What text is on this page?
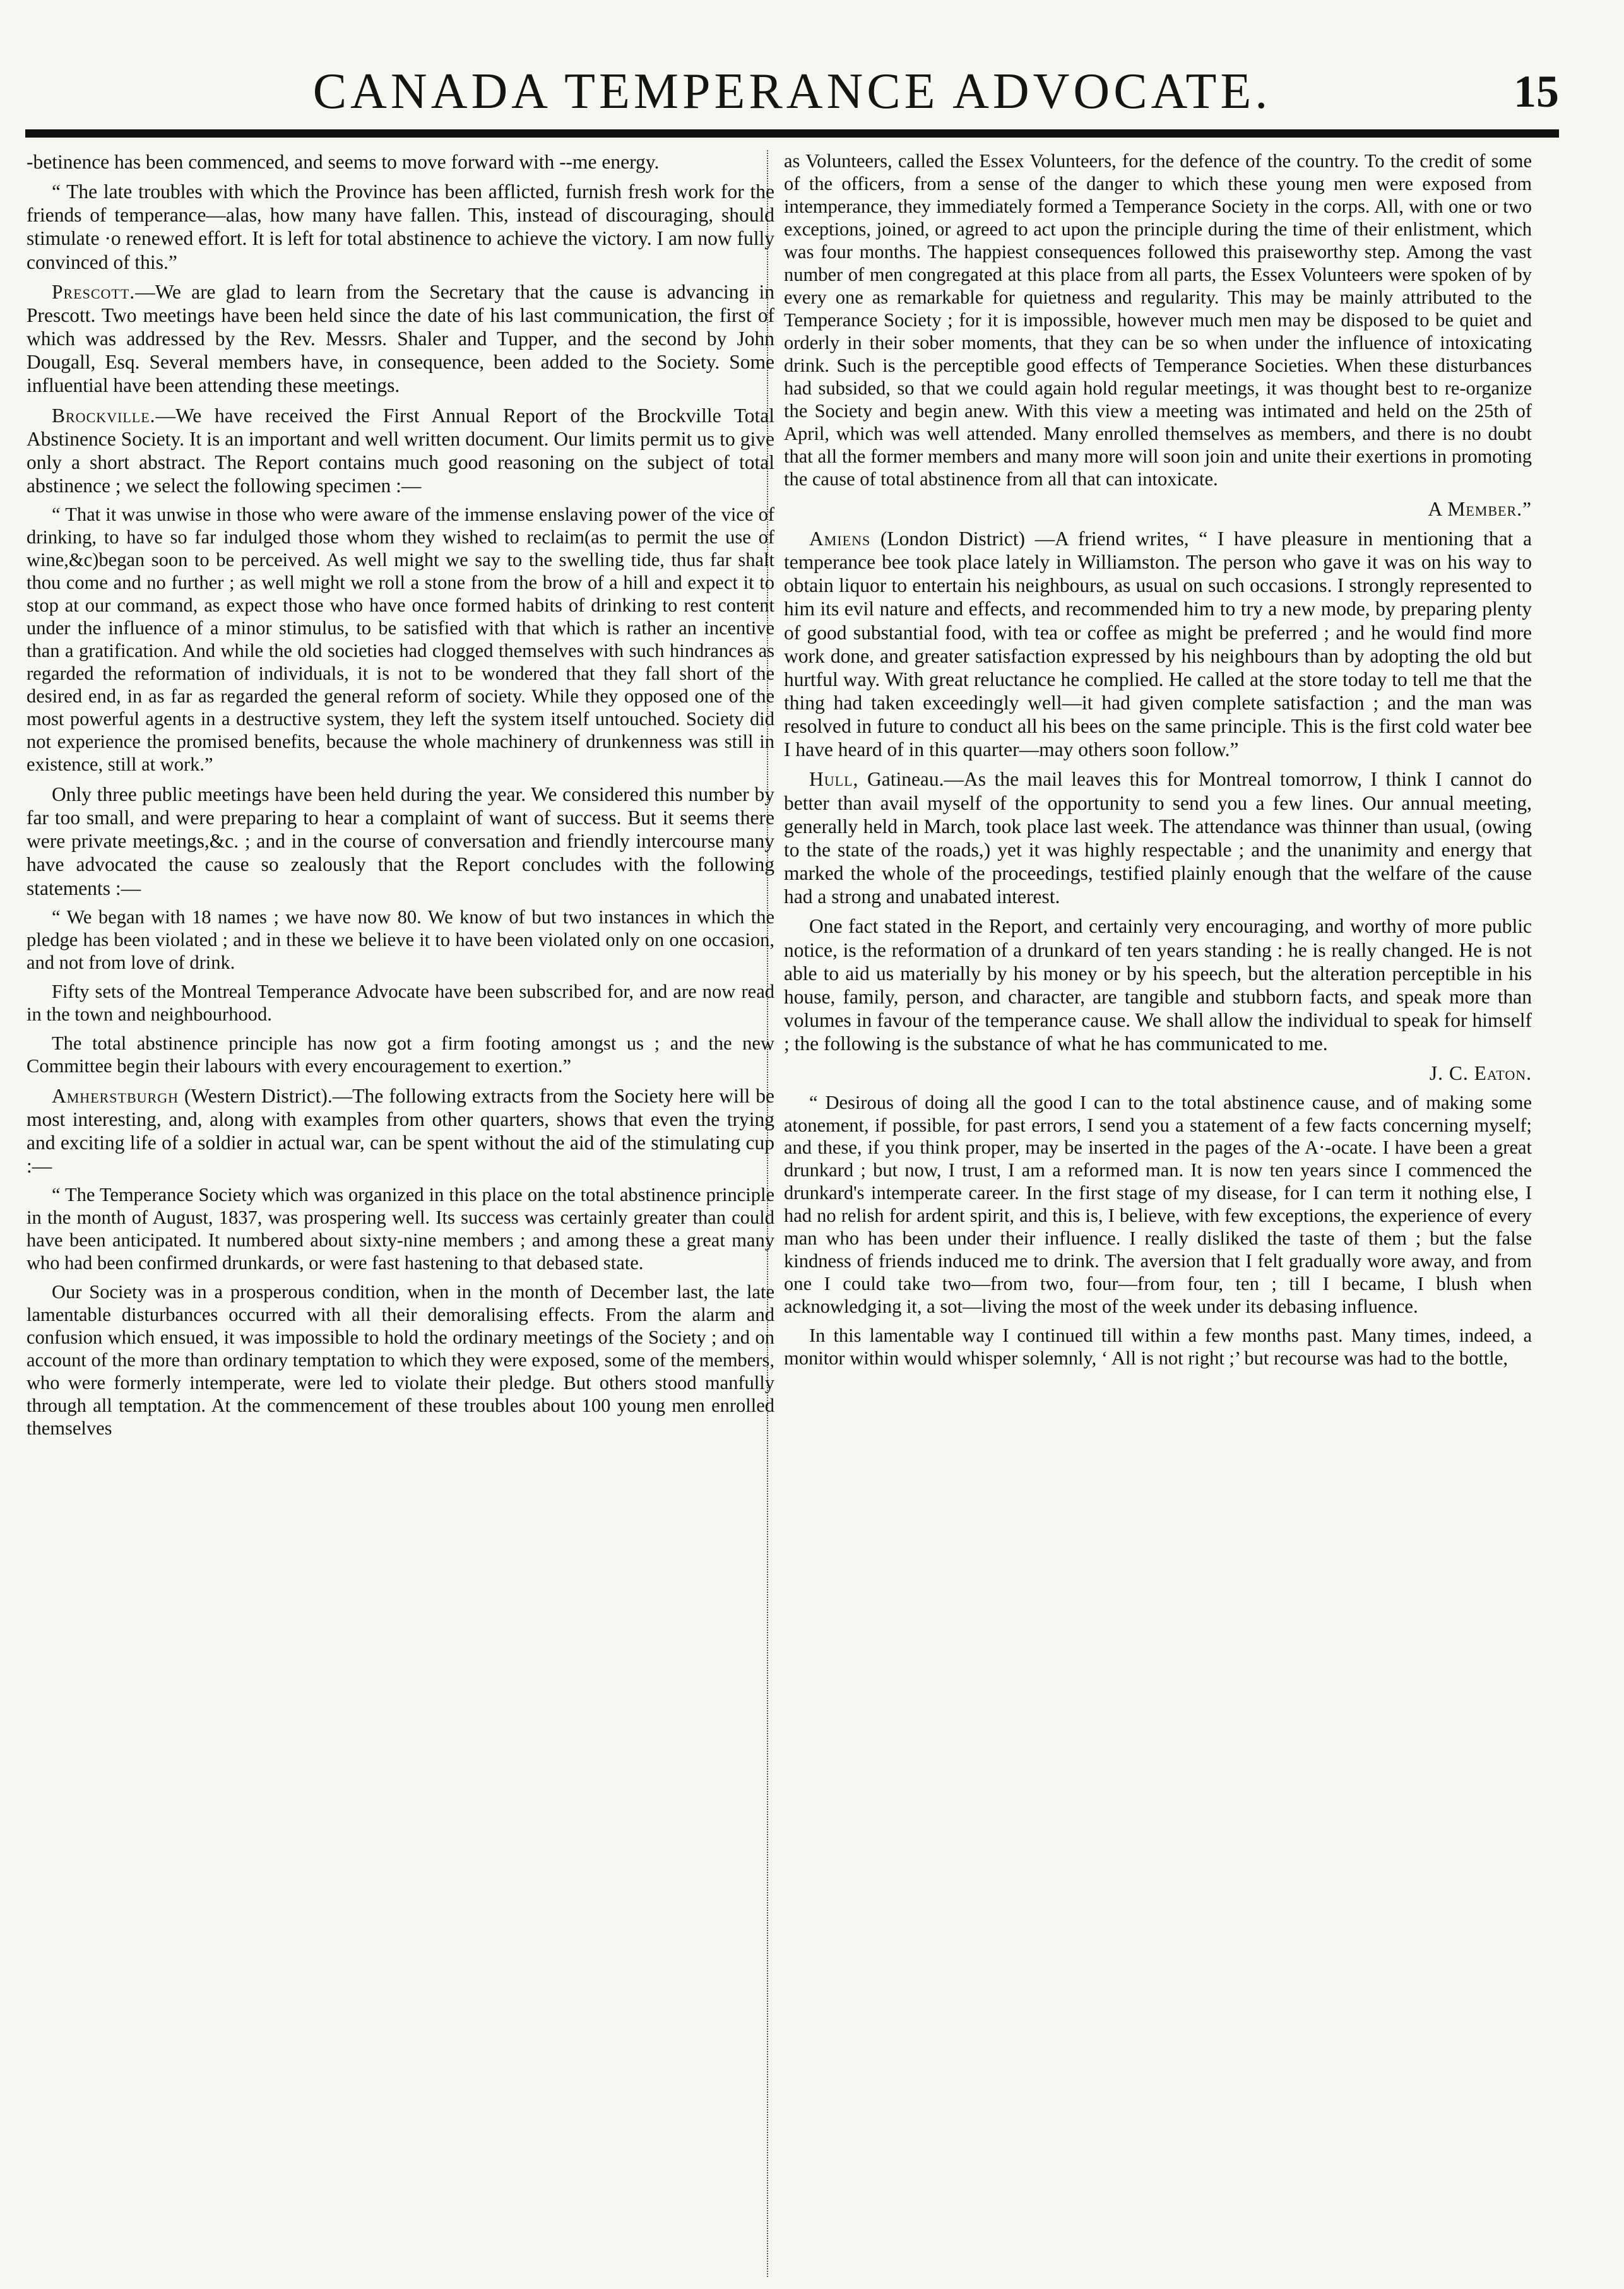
CANADA TEMPERANCE ADVOCATE.	15

-betinence has been commenced, and seems to move forward with --me energy.

“ The late troubles with which the Province has been afflicted, furnish fresh work for the friends of temperance—alas, how many have fallen. This, instead of discouraging, should stimulate ·o renewed effort. It is left for total abstinence to achieve the victory. I am now fully convinced of this.”

Prescott.—We are glad to learn from the Secretary that the cause is advancing in Prescott. Two meetings have been held since the date of his last communication, the first of which was addressed by the Rev. Messrs. Shaler and Tupper, and the second by John Dougall, Esq. Several members have, in consequence, been added to the Society. Some influential have been attending these meetings.

Brockville.—We have received the First Annual Report of the Brockville Total Abstinence Society. It is an important and well written document. Our limits permit us to give only a short abstract. The Report contains much good reasoning on the subject of total abstinence ; we select the following specimen :—

“ That it was unwise in those who were aware of the immense enslaving power of the vice of drinking, to have so far indulged those whom they wished to reclaim(as to permit the use of wine,&c)began soon to be perceived. As well might we say to the swelling tide, thus far shalt thou come and no further ; as well might we roll a stone from the brow of a hill and expect it to stop at our command, as expect those who have once formed habits of drinking to rest content under the influence of a minor stimulus, to be satisfied with that which is rather an incentive than a gratification. And while the old societies had clogged themselves with such hindrances as regarded the reformation of individuals, it is not to be wondered that they fall short of the desired end, in as far as regarded the general reform of society. While they opposed one of the most powerful agents in a destructive system, they left the system itself untouched. Society did not experience the promised benefits, because the whole machinery of drunkenness was still in existence, still at work.”

Only three public meetings have been held during the year. We considered this number by far too small, and were preparing to hear a complaint of want of success. But it seems there were private meetings,&c. ; and in the course of conversation and friendly intercourse many have advocated the cause so zealously that the Report concludes with the following statements :—

“ We began with 18 names ; we have now 80. We know of but two instances in which the pledge has been violated ; and in these we believe it to have been violated only on one occasion, and not from love of drink.

Fifty sets of the Montreal Temperance Advocate have been subscribed for, and are now read in the town and neighbourhood.

The total abstinence principle has now got a firm footing amongst us ; and the new Committee begin their labours with every encouragement to exertion.”

Amherstburgh (Western District).—The following extracts from the Society here will be most interesting, and, along with examples from other quarters, shows that even the trying and exciting life of a soldier in actual war, can be spent without the aid of the stimulating cup :—

“ The Temperance Society which was organized in this place on the total abstinence principle in the month of August, 1837, was prospering well. Its success was certainly greater than could have been anticipated. It numbered about sixty-nine members ; and among these a great many who had been confirmed drunkards, or were fast hastening to that debased state.

Our Society was in a prosperous condition, when in the month of December last, the late lamentable disturbances occurred with all their demoralising effects. From the alarm and confusion which ensued, it was impossible to hold the ordinary meetings of the Society ; and on account of the more than ordinary temptation to which they were exposed, some of the members, who were formerly intemperate, were led to violate their pledge. But others stood manfully through all temptation. At the commencement of these troubles about 100 young men enrolled themselves

as Volunteers, called the Essex Volunteers, for the defence of the country. To the credit of some of the officers, from a sense of the danger to which these young men were exposed from intemperance, they immediately formed a Temperance Society in the corps. All, with one or two exceptions, joined, or agreed to act upon the principle during the time of their enlistment, which was four months. The happiest consequences followed this praiseworthy step. Among the vast number of men congregated at this place from all parts, the Essex Volunteers were spoken of by every one as remarkable for quietness and regularity. This may be mainly attributed to the Temperance Society ; for it is impossible, however much men may be disposed to be quiet and orderly in their sober moments, that they can be so when under the influence of intoxicating drink. Such is the perceptible good effects of Temperance Societies. When these disturbances had subsided, so that we could again hold regular meetings, it was thought best to re-organize the Society and begin anew. With this view a meeting was intimated and held on the 25th of April, which was well attended. Many enrolled themselves as members, and there is no doubt that all the former members and many more will soon join and unite their exertions in promoting the cause of total abstinence from all that can intoxicate.

A Member.”

Amiens (London District) —A friend writes, “ I have pleasure in mentioning that a temperance bee took place lately in Williamston. The person who gave it was on his way to obtain liquor to entertain his neighbours, as usual on such occasions. I strongly represented to him its evil nature and effects, and recommended him to try a new mode, by preparing plenty of good substantial food, with tea or coffee as might be preferred ; and he would find more work done, and greater satisfaction expressed by his neighbours than by adopting the old but hurtful way. With great reluctance he complied. He called at the store today to tell me that the thing had taken exceedingly well—it had given complete satisfaction ; and the man was resolved in future to conduct all his bees on the same principle. This is the first cold water bee I have heard of in this quarter—may others soon follow.”

Hull, Gatineau.—As the mail leaves this for Montreal tomorrow, I think I cannot do better than avail myself of the opportunity to send you a few lines. Our annual meeting, generally held in March, took place last week. The attendance was thinner than usual, (owing to the state of the roads,) yet it was highly respectable ; and the unanimity and energy that marked the whole of the proceedings, testified plainly enough that the welfare of the cause had a strong and unabated interest.

One fact stated in the Report, and certainly very encouraging, and worthy of more public notice, is the reformation of a drunkard of ten years standing : he is really changed. He is not able to aid us materially by his money or by his speech, but the alteration perceptible in his house, family, person, and character, are tangible and stubborn facts, and speak more than volumes in favour of the temperance cause. We shall allow the individual to speak for himself ; the following is the substance of what he has communicated to me.

J. C. Eaton.

“ Desirous of doing all the good I can to the total abstinence cause, and of making some atonement, if possible, for past errors, I send you a statement of a few facts concerning myself; and these, if you think proper, may be inserted in the pages of the A·-ocate. I have been a great drunkard ; but now, I trust, I am a reformed man. It is now ten years since I commenced the drunkard's intemperate career. In the first stage of my disease, for I can term it nothing else, I had no relish for ardent spirit, and this is, I believe, with few exceptions, the experience of every man who has been under their influence. I really disliked the taste of them ; but the false kindness of friends induced me to drink. The aversion that I felt gradually wore away, and from one I could take two—from two, four—from four, ten ; till I became, I blush when acknowledging it, a sot—living the most of the week under its debasing influence.

In this lamentable way I continued till within a few months past. Many times, indeed, a monitor within would whisper solemnly, ‘ All is not right ;’ but recourse was had to the bottle,
